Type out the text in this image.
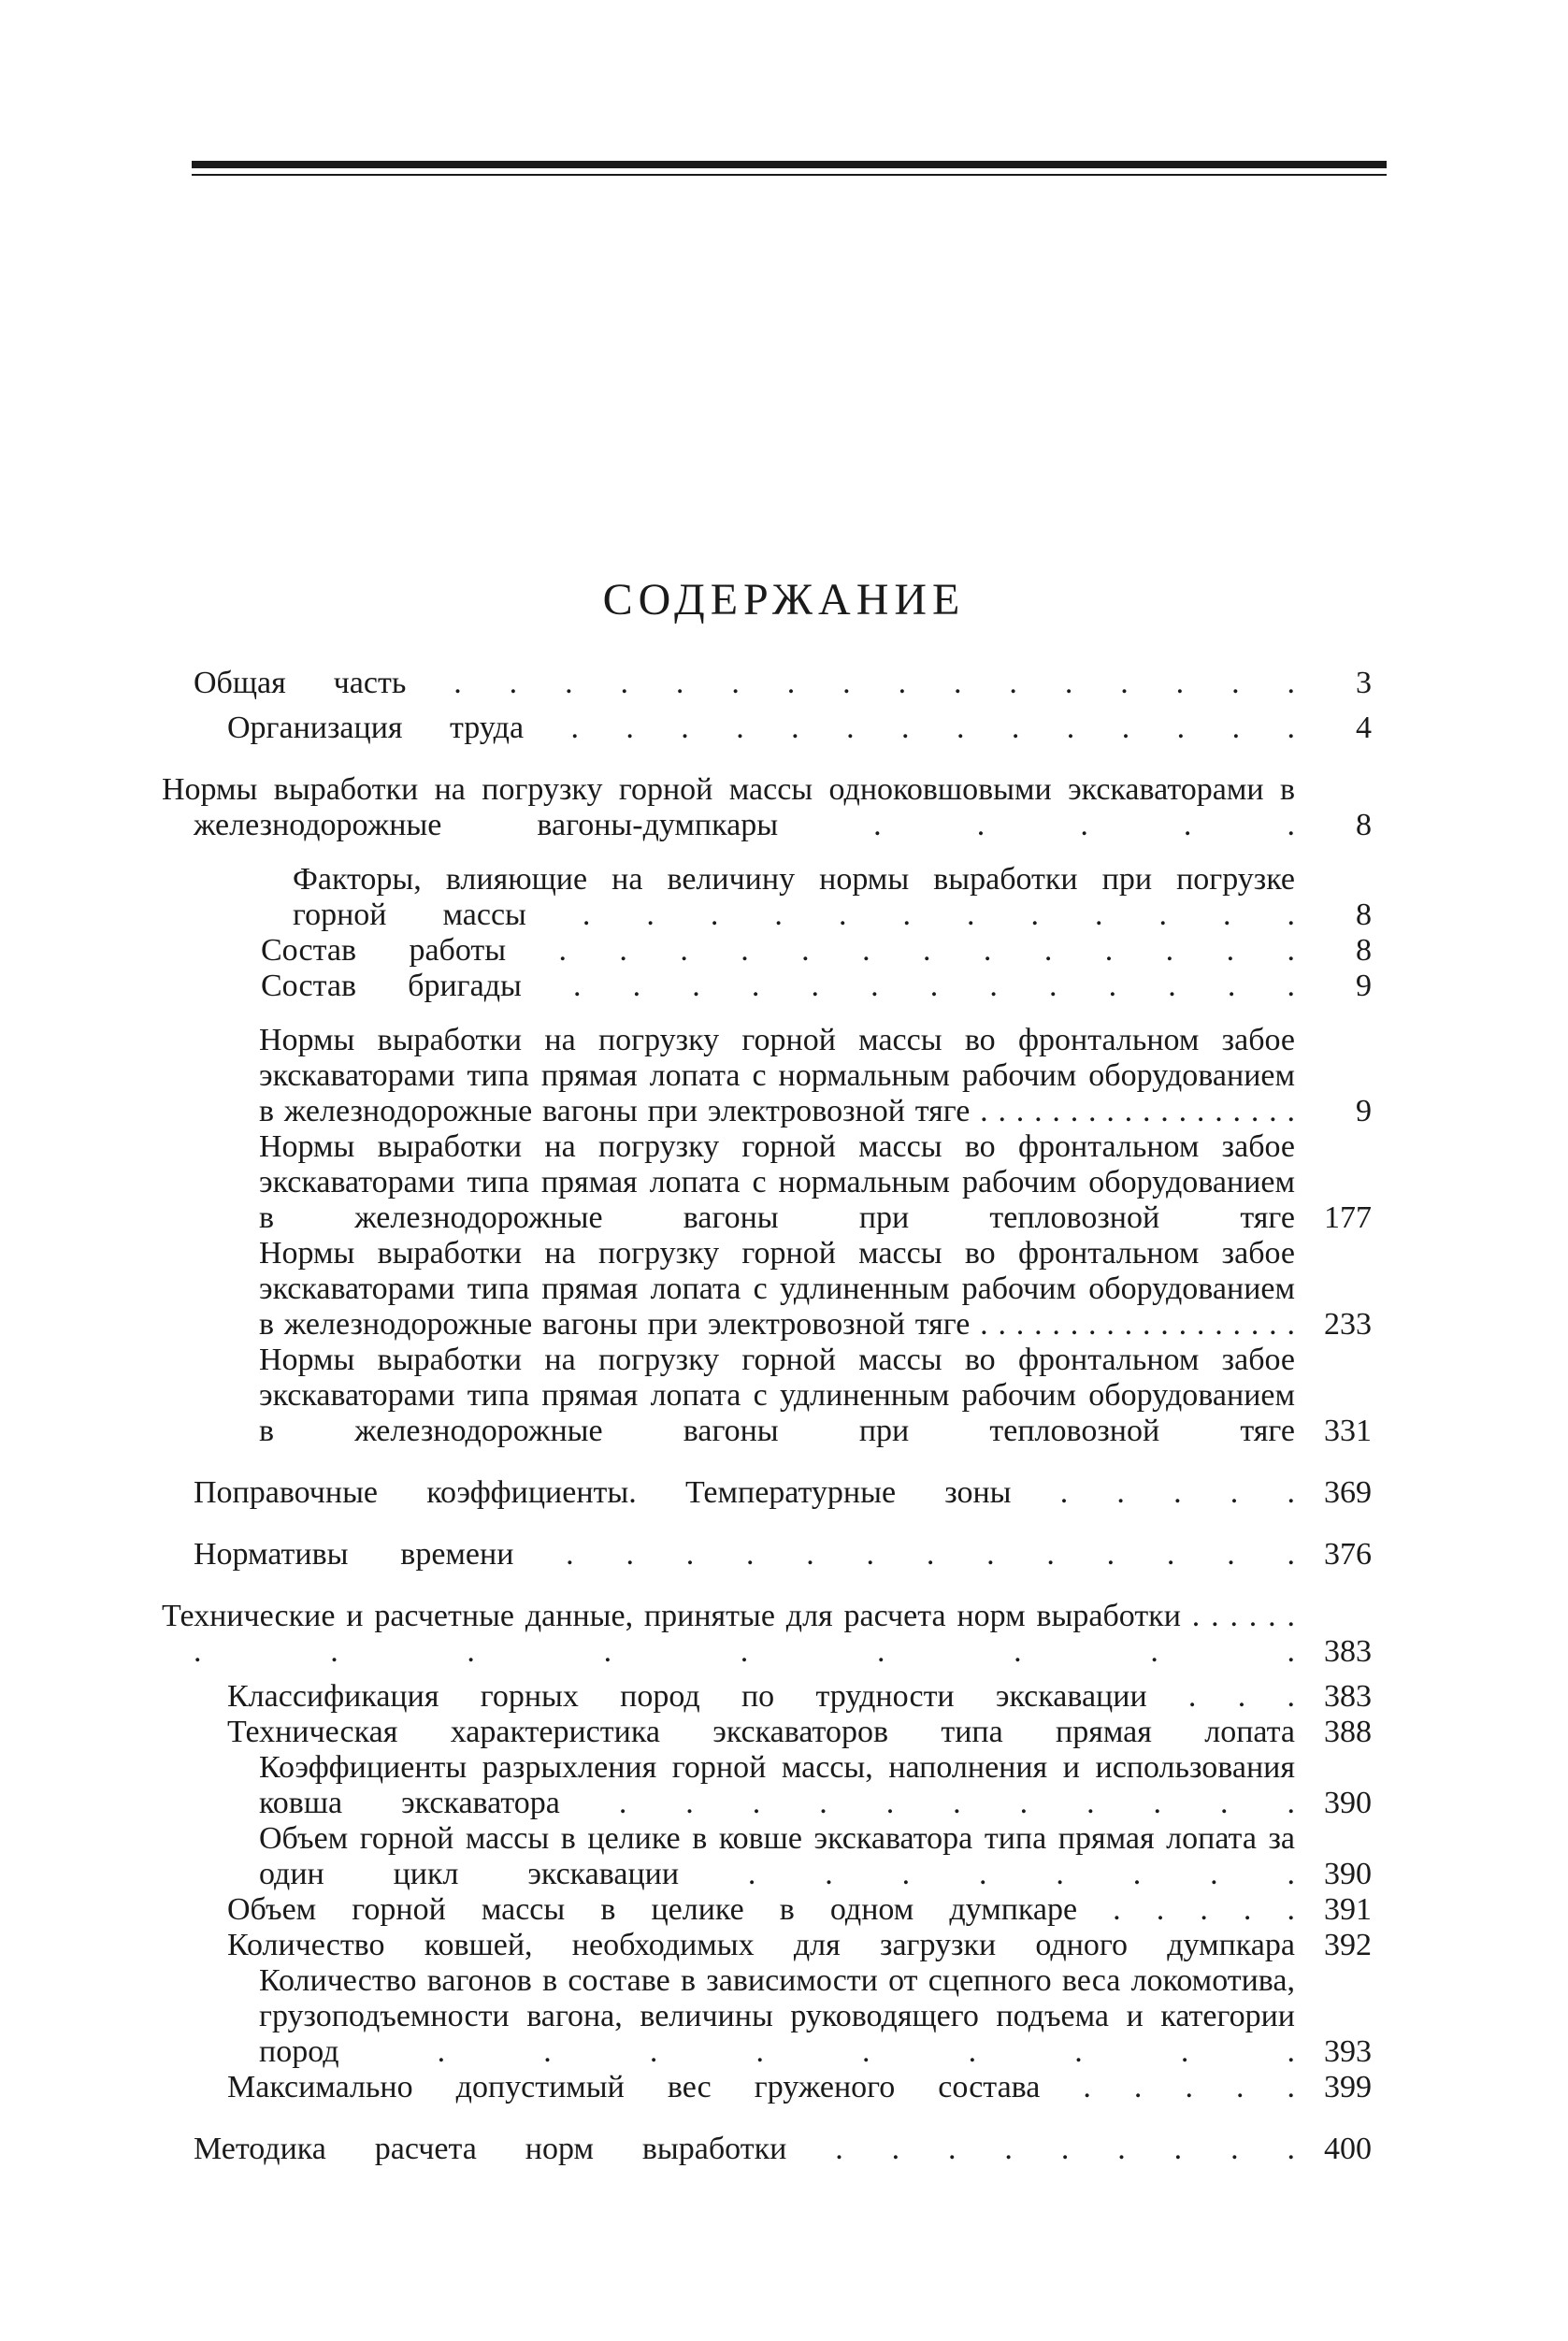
СОДЕРЖАНИЕ
Общая часть . . . . . . . . . . . . . . . .	3
Организация труда . . . . . . . . . . . . . .	4
Нормы выработки на погрузку горной массы одноковшовыми экскаваторами в железнодорожные вагоны-думпкары . . . . .	8
Факторы, влияющие на величину нормы выработки при погрузке горной массы . . . . . . . . . . . .	8
Состав работы . . . . . . . . . . . . .	8
Состав бригады . . . . . . . . . . . . .	9
Нормы выработки на погрузку горной массы во фронтальном забое экскаваторами типа прямая лопата с нормальным рабочим оборудованием в железнодорожные вагоны при электровозной тяге . . . . . . . . . . . . . . . . . .	9
Нормы выработки на погрузку горной массы во фронтальном забое экскаваторами типа прямая лопата с нормальным рабочим оборудованием в железнодорожные вагоны при тепловозной тяге 177
Нормы выработки на погрузку горной массы во фронтальном забое экскаваторами типа прямая лопата с удлиненным рабочим оборудованием в железнодорожные вагоны при электровозной тяге . . . . . . . . . . . . . . . . . . 233
Нормы выработки на погрузку горной массы во фронтальном забое экскаваторами типа прямая лопата с удлиненным рабочим оборудованием в железнодорожные вагоны при тепловозной тяге 331
Поправочные коэффициенты. Температурные зоны . . . . . 369
Нормативы времени . . . . . . . . . . . . . 376
Технические и расчетные данные, принятые для расчета норм выработки . . . . . . . . . . . . . . . 383
Классификация горных пород по трудности экскавации . . . 383
Техническая характеристика экскаваторов типа прямая лопата 388
Коэффициенты разрыхления горной массы, наполнения и использования ковша экскаватора . . . . . . . . . . . 390
Объем горной массы в целике в ковше экскаватора типа прямая лопата за один цикл экскавации . . . . . . . . 390
Объем горной массы в целике в одном думпкаре . . . . . 391
Количество ковшей, необходимых для загрузки одного думпкара 392
Количество вагонов в составе в зависимости от сцепного веса локомотива, грузоподъемности вагона, величины руководящего подъема и категории пород . . . . . . . . . 393
Максимально допустимый вес груженого состава . . . . . 399
Методика расчета норм выработки . . . . . . . . . 400
